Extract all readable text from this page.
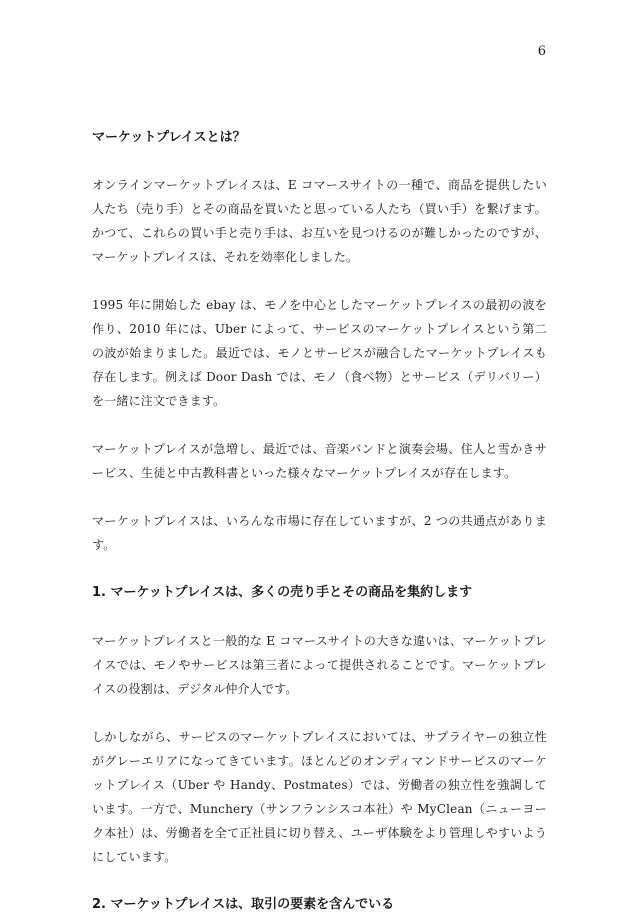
6
マーケットプレイスとは？

オンラインマーケットプレイスは、E コマースサイトの一種で、商品を提供したい人たち（売り手）とその商品を買いたと思っている人たち（買い手）を繋げます。かつて、これらの買い手と売り手は、お互いを見つけるのが難しかったのですが、マーケットプレイスは、それを効率化しました。

1995 年に開始した ebay は、モノを中心としたマーケットプレイスの最初の波を作り、2010 年には、Uber によって、サービスのマーケットプレイスという第二の波が始まりました。最近では、モノとサービスが融合したマーケットプレイスも存在します。例えば Door Dash では、モノ（食べ物）とサービス（デリバリー）を一緒に注文できます。

マーケットプレイスが急増し、最近では、音楽バンドと演奏会場、住人と雪かきサービス、生徒と中古教科書といった様々なマーケットプレイスが存在します。

マーケットプレイスは、いろんな市場に存在していますが、2 つの共通点があります。

1. マーケットプレイスは、多くの売り手とその商品を集約します

マーケットプレイスと一般的な E コマースサイトの大きな違いは、マーケットプレイスでは、モノやサービスは第三者によって提供されることです。マーケットプレイスの役割は、デジタル仲介人です。

しかしながら、サービスのマーケットプレイスにおいては、サプライヤーの独立性がグレーエリアになってきています。ほとんどのオンディマンドサービスのマーケットプレイス（Uber や Handy、Postmates）では、労働者の独立性を強調しています。一方で、Munchery（サンフランシスコ本社）や MyClean（ニューヨーク本社）は、労働者を全て正社員に切り替え、ユーザ体験をより管理しやすいようにしています。

2. マーケットプレイスは、取引の要素を含んでいる
